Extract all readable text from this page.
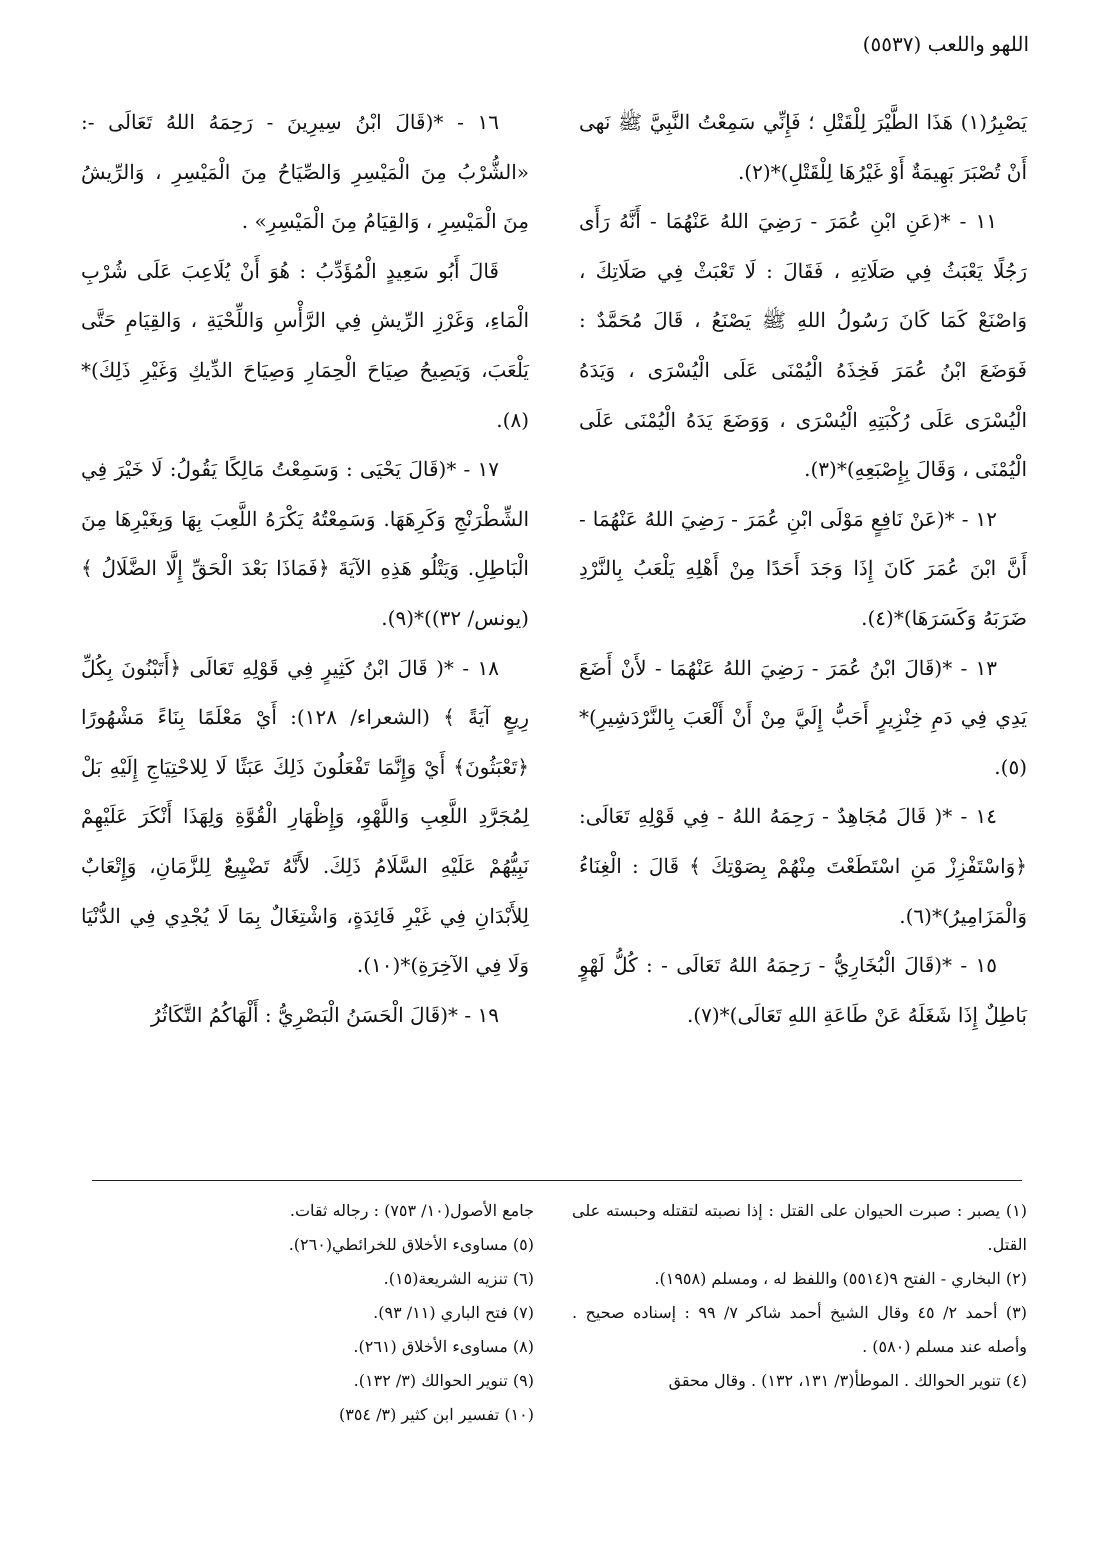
اللهو واللعب (٥٥٣٧)

يَصْبِرُ(١) هَذَا الطَّيْرَ لِلْقَتْلِ ؛ فَإِنِّي سَمِعْتُ النَّبِيَّ ﷺ نَهى أَنْ تُصْبَرَ بَهِيمَةٌ أَوْ غَيْرُهَا لِلْقَتْلِ)*(٢).

١١ - *(عَنِ ابْنِ عُمَرَ - رَضِيَ اللهُ عَنْهُمَا - أَنَّهُ رَأَى رَجُلًا يَعْبَثُ فِي صَلَاتِهِ ، فَقَالَ : لَا تَعْبَثْ فِي صَلَاتِكَ ، وَاصْنَعْ كَمَا كَانَ رَسُولُ اللهِ ﷺ يَصْنَعُ ، قَالَ مُحَمَّدٌ : فَوَضَعَ ابْنُ عُمَرَ فَخِذَهُ الْيُمْنَى عَلَى الْيُسْرَى ، وَيَدَهُ الْيُسْرَى عَلَى رُكْبَتِهِ الْيُسْرَى ، وَوَضَعَ يَدَهُ الْيُمْنَى عَلَى الْيُمْنَى ، وَقَالَ بِإِصْبَعِهِ)*(٣).

١٢ - *(عَنْ نَافِعٍ مَوْلَى ابْنِ عُمَرَ - رَضِيَ اللهُ عَنْهُمَا - أَنَّ ابْنَ عُمَرَ كَانَ إِذَا وَجَدَ أَحَدًا مِنْ أَهْلِهِ يَلْعَبُ بِالنَّرْدِ ضَرَبَهُ وَكَسَرَهَا)*(٤).

١٣ - *(قَالَ ابْنُ عُمَرَ - رَضِيَ اللهُ عَنْهُمَا - لأَنْ أَضَعَ يَدِي فِي دَمِ خِنْزِيرٍ أَحَبُّ إِلَيَّ مِنْ أَنْ أَلْعَبَ بِالنَّرْدَشِيرِ)*(٥).

١٤ - *( قَالَ مُجَاهِدٌ - رَحِمَهُ اللهُ - فِي قَوْلِهِ تَعَالَى: ﴿وَاسْتَفْزِزْ مَنِ اسْتَطَعْتَ مِنْهُمْ بِصَوْتِكَ ﴾ قَالَ : الْغِنَاءُ وَالْمَزَامِيرُ)*(٦).

١٥ - *(قَالَ الْبُخَارِيُّ - رَحِمَهُ اللهُ تَعَالَى - : كُلُّ لَهْوٍ بَاطِلٌ إِذَا شَغَلَهُ عَنْ طَاعَةِ اللهِ تَعَالَى)*(٧).

١٦ - *(قَالَ ابْنُ سِيرِينَ - رَحِمَهُ اللهُ تَعَالَى -: «الشُّرْبُ مِنَ الْمَيْسِرِ وَالصِّيَاحُ مِنَ الْمَيْسِرِ ، وَالرِّيشُ مِنَ الْمَيْسِرِ ، وَالقِيَامُ مِنَ الْمَيْسِرِ» .

قَالَ أَبُو سَعِيدٍ الْمُؤَدِّبُ : هُوَ أَنْ يُلَاعِبَ عَلَى شُرْبِ الْمَاءِ، وَغَرْزِ الرِّيشِ فِي الرَّأْسِ وَاللِّحْيَةِ ، وَالقِيَامِ حَتَّى يَلْعَبَ، وَيَصِيحُ صِيَاحَ الْحِمَارِ وَصِيَاحَ الدِّيكِ وَغَيْرِ ذَلِكَ)*(٨).

١٧ - *(قَالَ يَحْيَى : وَسَمِعْتُ مَالِكًا يَقُولُ: لَا خَيْرَ فِي الشِّطْرَنْجِ وَكَرِهَهَا. وَسَمِعْتُهُ يَكْرَهُ اللَّعِبَ بِهَا وَبِغَيْرِهَا مِنَ الْبَاطِلِ. وَيَتْلُو هَذِهِ الآيَةَ ﴿فَمَاذَا بَعْدَ الْحَقِّ إِلَّا الضَّلَالُ ﴾(يونس/ ٣٢))*(٩).

١٨ - *( قَالَ ابْنُ كَثِيرٍ فِي قَوْلِهِ تَعَالَى ﴿أَتَبْنُونَ بِكُلِّ رِيعٍ آيَةً ﴾ (الشعراء/ ١٢٨): أَيْ مَعْلَمًا بِنَاءً مَشْهُورًا ﴿تَعْبَثُونَ﴾ أَيْ وَإِنَّمَا تَفْعَلُونَ ذَلِكَ عَبَثًا لَا لِلاحْتِيَاجِ إِلَيْهِ بَلْ لِمُجَرَّدِ اللَّعِبِ وَاللَّهْوِ، وَإِظْهَارِ الْقُوَّةِ وَلِهَذَا أَنْكَرَ عَلَيْهِمْ نَبِيُّهُمْ عَلَيْهِ السَّلَامُ ذَلِكَ. لأَنَّهُ تَضْيِيعٌ لِلزَّمَانِ، وَإِتْعَابٌ لِلأَبْدَانِ فِي غَيْرِ فَائِدَةٍ، وَاشْتِغَالٌ بِمَا لَا يُجْدِي فِي الدُّنْيَا وَلَا فِي الآخِرَةِ)*(١٠).

١٩ - *(قَالَ الْحَسَنُ الْبَصْرِيُّ : أَلْهَاكُمُ التَّكَاثُرُ

(١) يصبر : صبرت الحيوان على القتل : إذا نصبته لتقتله وحبسته على القتل.

(٢) البخاري - الفتح ٩(٥٥١٤) واللفظ له ، ومسلم (١٩٥٨).

(٣) أحمد ٢/ ٤٥ وقال الشيخ أحمد شاكر ٧/ ٩٩ : إسناده صحيح . وأصله عند مسلم (٥٨٠) .

(٤) تنوير الحوالك . الموطأ(٣/ ١٣١، ١٣٢) . وقال محقق

جامع الأصول(١٠/ ٧٥٣) : رجاله ثقات.

(٥) مساوىء الأخلاق للخرائطي(٢٦٠).

(٦) تنزيه الشريعة(١٥).

(٧) فتح الباري (١١/ ٩٣).

(٨) مساوىء الأخلاق (٢٦١).

(٩) تنوير الحوالك (٣/ ١٣٢).

(١٠) تفسير ابن كثير (٣/ ٣٥٤)
